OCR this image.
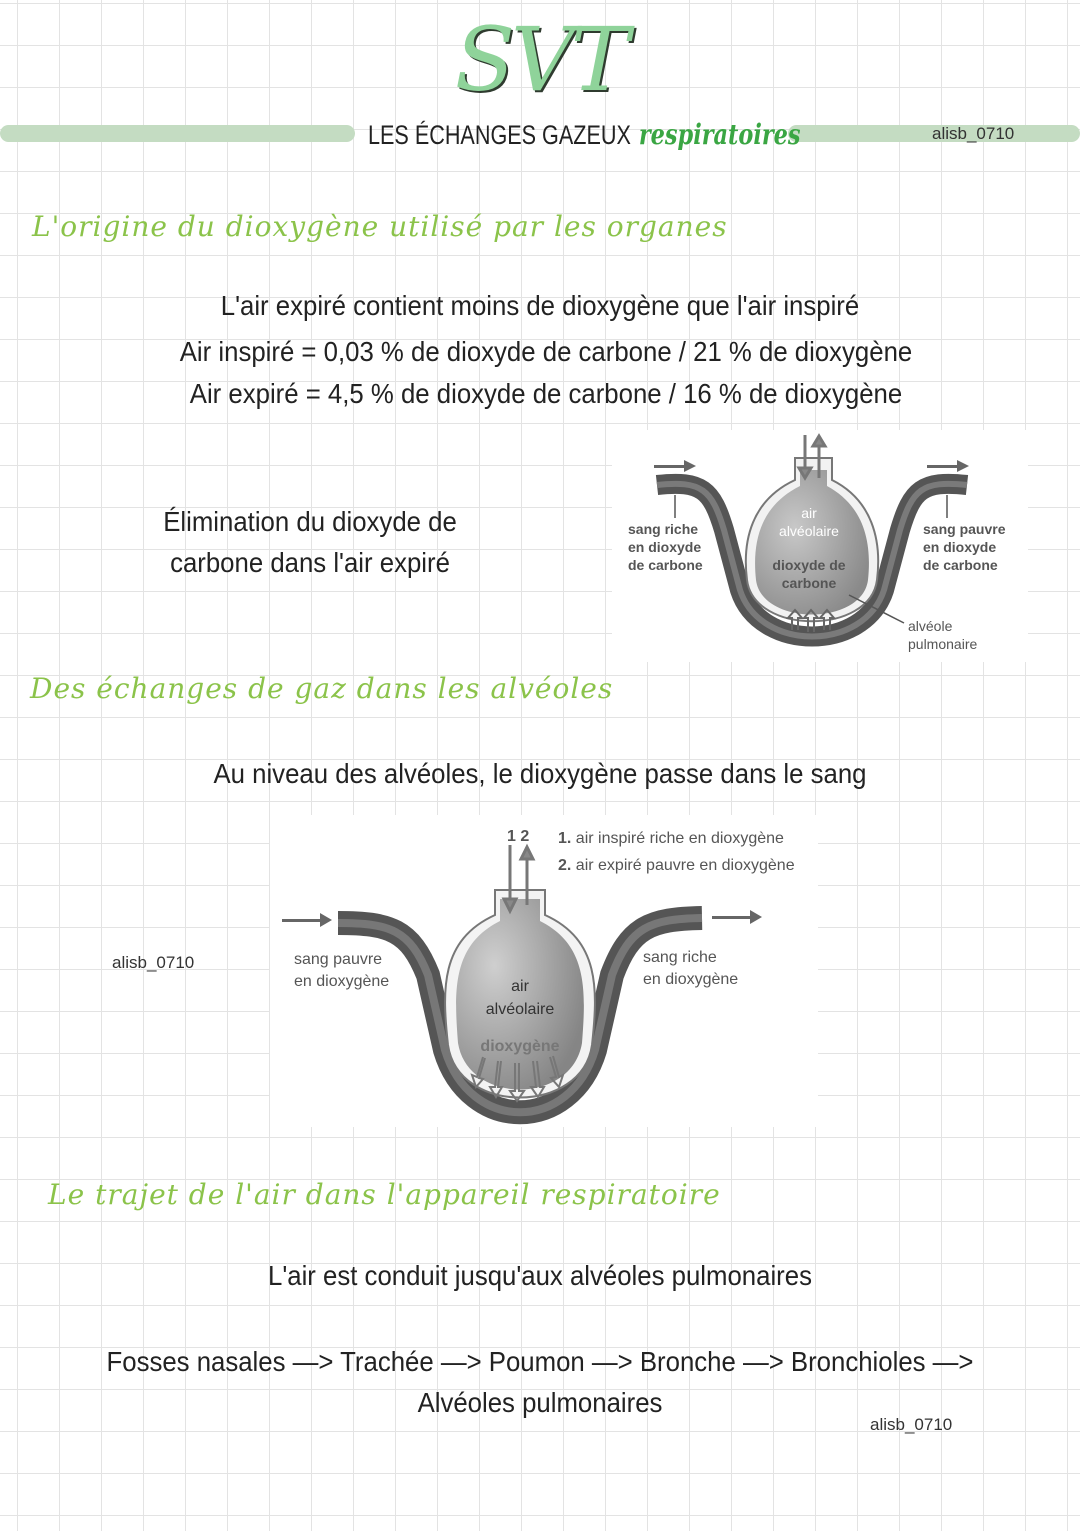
SVT
LES ÉCHANGES GAZEUX respiratoires	alisb_0710
L'origine du dioxygène utilisé par les organes
L'air expiré contient moins de dioxygène que l'air inspiré
Air inspiré = 0,03 % de dioxyde de carbone / 21 % de dioxygène
Air expiré = 4,5 % de dioxyde de carbone / 16 % de dioxygène
Élimination du dioxyde de
carbone dans l'air expiré
sang riche
en dioxyde
de carbone
sang pauvre
en dioxyde
de carbone
air
alvéolaire
dioxyde de
carbone
alvéole
pulmonaire
Des échanges de gaz dans les alvéoles
Au niveau des alvéoles, le dioxygène passe dans le sang
alisb_0710
1 2 1. air inspiré riche en dioxygène
2. air expiré pauvre en dioxygène
sang pauvre
en dioxygène
sang riche
en dioxygène
air
alvéolaire
dioxygène
Le trajet de l'air dans l'appareil respiratoire
L'air est conduit jusqu'aux alvéoles pulmonaires
Fosses nasales —> Trachée —> Poumon —> Bronche —> Bronchioles —>
Alvéoles pulmonaires
alisb_0710
